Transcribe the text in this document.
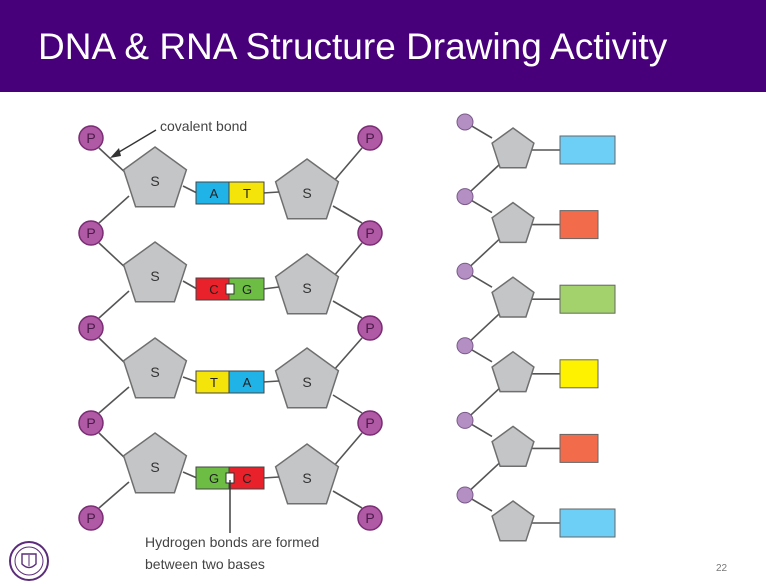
DNA & RNA Structure Drawing Activity
P	P
P	P
P	P
P	P
P	P
S
S
S
S
S
S
S
S
A T
C G
T A
G C
covalent bond
Hydrogen bonds are formed
between two bases	22
